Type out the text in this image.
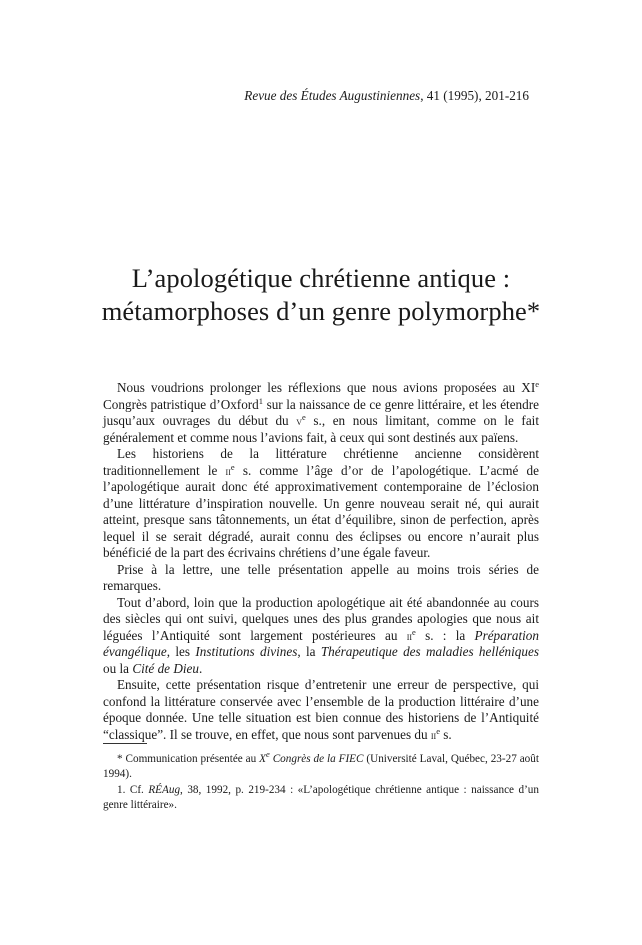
Revue des Études Augustiniennes, 41 (1995), 201-216
L’apologétique chrétienne antique :
métamorphoses d’un genre polymorphe*

Nous voudrions prolonger les réflexions que nous avions proposées au XIe Congrès patristique d’Oxford$^1$ sur la naissance de ce genre littéraire, et les étendre jusqu’aux ouvrages du début du $v^e$ s., en nous limitant, comme on le fait généralement et comme nous l’avions fait, à ceux qui sont destinés aux païens.

Les historiens de la littérature chrétienne ancienne considèrent traditionnellement le $ii^e$ s. comme l’âge d’or de l’apologétique. L’acmé de l’apologétique aurait donc été approximativement contemporaine de l’éclosion d’une littérature d’inspiration nouvelle. Un genre nouveau serait né, qui aurait atteint, presque sans tâtonnements, un état d’équilibre, sinon de perfection, après lequel il se serait dégradé, aurait connu des éclipses ou encore n’aurait plus bénéficié de la part des écrivains chrétiens d’une égale faveur.

Prise à la lettre, une telle présentation appelle au moins trois séries de remarques.

Tout d’abord, loin que la production apologétique ait été abandonnée au cours des siècles qui ont suivi, quelques unes des plus grandes apologies que nous ait léguées l’Antiquité sont largement postérieures au $ii^e$ s. : la Préparation évangélique, les Institutions divines, la Thérapeutique des maladies helléniques ou la Cité de Dieu.

Ensuite, cette présentation risque d’entretenir une erreur de perspective, qui confond la littérature conservée avec l’ensemble de la production littéraire d’une époque donnée. Une telle situation est bien connue des historiens de l’Antiquité “classique”. Il se trouve, en effet, que nous sont parvenues du $ii^e$ s.

* Communication présentée au Xe Congrès de la FIEC (Université Laval, Québec, 23-27 août 1994).

1. Cf. RÉAug, 38, 1992, p. 219-234 : «L’apologétique chrétienne antique : naissance d’un genre littéraire».
